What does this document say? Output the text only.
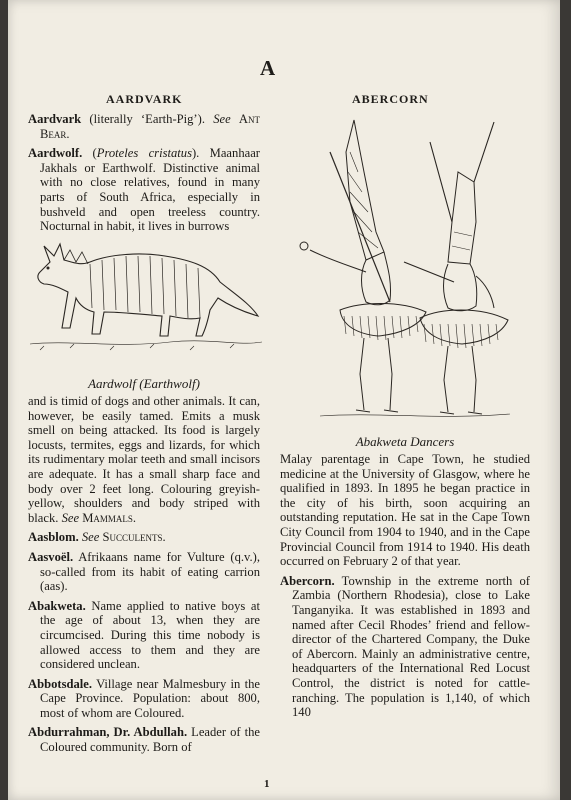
A
AARDVARK	ABERCORN

Aardvark (literally ‘Earth-Pig’). See Ant Bear.

Aardwolf. (Proteles cristatus). Maanhaar Jakhals or Earthwolf. Distinctive animal with no close relatives, found in many parts of South Africa, especially in bushveld and open treeless country. Nocturnal in habit, it lives in burrows

Aardwolf (Earthwolf)

and is timid of dogs and other animals. It can, however, be easily tamed. Emits a musk smell on being attacked. Its food is largely locusts, termites, eggs and lizards, for which its rudimentary molar teeth and small incisors are adequate. It has a small sharp face and body over 2 feet long. Colouring greyish-yellow, shoulders and body striped with black. See Mammals.

Aasblom. See Succulents.

Aasvoël. Afrikaans name for Vulture (q.v.), so-called from its habit of eating carrion (aas).

Abakweta. Name applied to native boys at the age of about 13, when they are circumcised. During this time nobody is allowed access to them and they are considered unclean.

Abbotsdale. Village near Malmesbury in the Cape Province. Population: about 800, most of whom are Coloured.

Abdurrahman, Dr. Abdullah. Leader of the Coloured community. Born of

Abakweta Dancers

Malay parentage in Cape Town, he studied medicine at the University of Glasgow, where he qualified in 1893. In 1895 he began practice in the city of his birth, soon acquiring an outstanding reputation. He sat in the Cape Town City Council from 1904 to 1940, and in the Cape Provincial Council from 1914 to 1940. His death occurred on February 2 of that year.

Abercorn. Township in the extreme north of Zambia (Northern Rhodesia), close to Lake Tanganyika. It was established in 1893 and named after Cecil Rhodes’ friend and fellow-director of the Chartered Company, the Duke of Abercorn. Mainly an administrative centre, headquarters of the International Red Locust Control, the district is noted for cattle-ranching. The population is 1,140, of which 140

1
